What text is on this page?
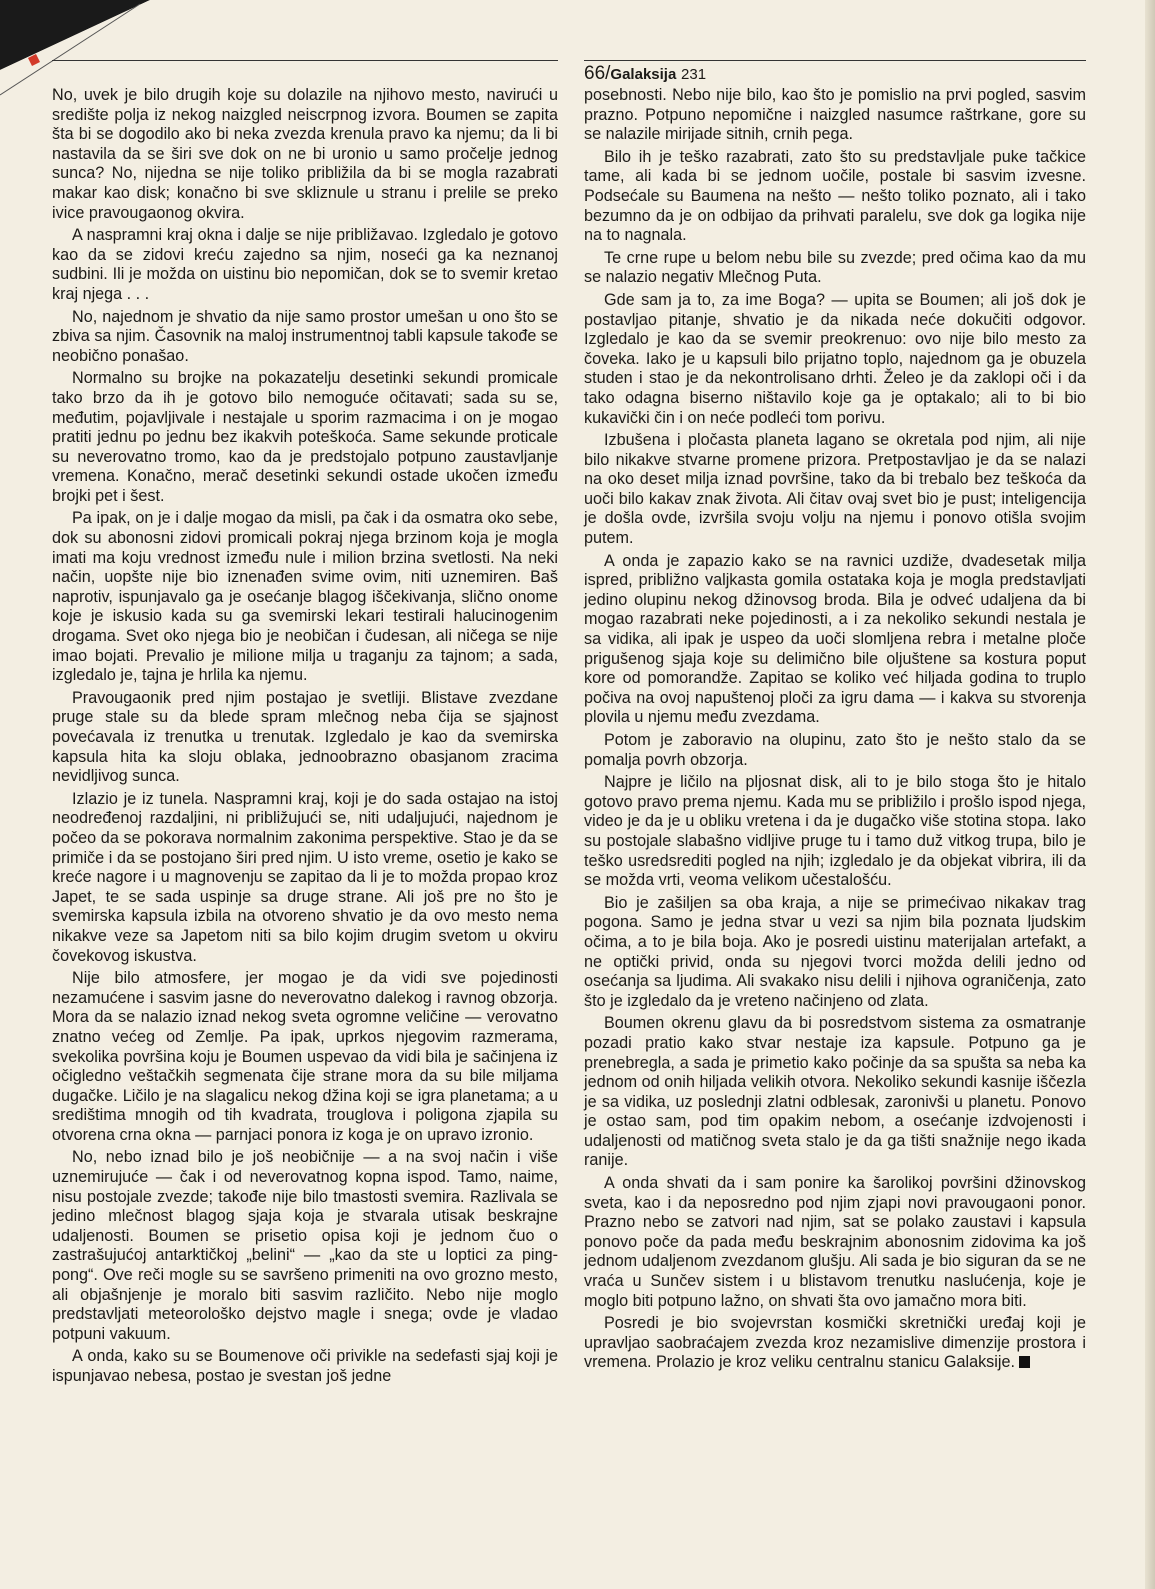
66/Galaksija 231

No, uvek je bilo drugih koje su dolazile na njihovo mesto, navirući u središte polja iz nekog naizgled neiscrpnog izvora. Boumen se zapita šta bi se dogodilo ako bi neka zvezda krenula pravo ka njemu; da li bi nastavila da se širi sve dok on ne bi uronio u samo pročelje jednog sunca? No, nijedna se nije toliko približila da bi se mogla razabrati makar kao disk; konačno bi sve skliznule u stranu i prelile se preko ivice pravougaonog okvira.

A naspramni kraj okna i dalje se nije približavao. Izgledalo je gotovo kao da se zidovi kreću zajedno sa njim, noseći ga ka neznanoj sudbini. Ili je možda on uistinu bio nepomičan, dok se to svemir kretao kraj njega . . .

No, najednom je shvatio da nije samo prostor umešan u ono što se zbiva sa njim. Časovnik na maloj instrumentnoj tabli kapsule takođe se neobično ponašao.

Normalno su brojke na pokazatelju desetinki sekundi promicale tako brzo da ih je gotovo bilo nemoguće očitavati; sada su se, međutim, pojavljivale i nestajale u sporim razmacima i on je mogao pratiti jednu po jednu bez ikakvih poteškoća. Same sekunde proticale su neverovatno tromo, kao da je predstojalo potpuno zaustavljanje vremena. Konačno, merač desetinki sekundi ostade ukočen između brojki pet i šest.

Pa ipak, on je i dalje mogao da misli, pa čak i da osmatra oko sebe, dok su abonosni zidovi promicali pokraj njega brzinom koja je mogla imati ma koju vrednost između nule i milion brzina svetlosti. Na neki način, uopšte nije bio iznenađen svime ovim, niti uznemiren. Baš naprotiv, ispunjavalo ga je osećanje blagog iščekivanja, slično onome koje je iskusio kada su ga svemirski lekari testirali halucinogenim drogama. Svet oko njega bio je neobičan i čudesan, ali ničega se nije imao bojati. Prevalio je milione milja u traganju za tajnom; a sada, izgledalo je, tajna je hrlila ka njemu.

Pravougaonik pred njim postajao je svetliji. Blistave zvezdane pruge stale su da blede spram mlečnog neba čija se sjajnost povećavala iz trenutka u trenutak. Izgledalo je kao da svemirska kapsula hita ka sloju oblaka, jednoobrazno obasjanom zracima nevidljivog sunca.

Izlazio je iz tunela. Naspramni kraj, koji je do sada ostajao na istoj neodređenoj razdaljini, ni približujući se, niti udaljujući, najednom je počeo da se pokorava normalnim zakonima perspektive. Stao je da se primiče i da se postojano širi pred njim. U isto vreme, osetio je kako se kreće nagore i u magnovenju se zapitao da li je to možda propao kroz Japet, te se sada uspinje sa druge strane. Ali još pre no što je svemirska kapsula izbila na otvoreno shvatio je da ovo mesto nema nikakve veze sa Japetom niti sa bilo kojim drugim svetom u okviru čovekovog iskustva.

Nije bilo atmosfere, jer mogao je da vidi sve pojedinosti nezamućene i sasvim jasne do neverovatno dalekog i ravnog obzorja. Mora da se nalazio iznad nekog sveta ogromne veličine — verovatno znatno većeg od Zemlje. Pa ipak, uprkos njegovim razmerama, svekolika površina koju je Boumen uspevao da vidi bila je sačinjena iz očigledno veštačkih segmenata čije strane mora da su bile miljama dugačke. Ličilo je na slagalicu nekog džina koji se igra planetama; a u središtima mnogih od tih kvadrata, trouglova i poligona zjapila su otvorena crna okna — parnjaci ponora iz koga je on upravo izronio.

No, nebo iznad bilo je još neobičnije — a na svoj način i više uznemirujuće — čak i od neverovatnog kopna ispod. Tamo, naime, nisu postojale zvezde; takođe nije bilo tmastosti svemira. Razlivala se jedino mlečnost blagog sjaja koja je stvarala utisak beskrajne udaljenosti. Boumen se prisetio opisa koji je jednom čuo o zastrašujućoj antarktičkoj „belini“ — „kao da ste u loptici za ping-pong“. Ove reči mogle su se savršeno primeniti na ovo grozno mesto, ali objašnjenje je moralo biti sasvim različito. Nebo nije moglo predstavljati meteorološko dejstvo magle i snega; ovde je vladao potpuni vakuum.

A onda, kako su se Boumenove oči privikle na sedefasti sjaj koji je ispunjavao nebesa, postao je svestan još jedne

posebnosti. Nebo nije bilo, kao što je pomislio na prvi pogled, sasvim prazno. Potpuno nepomične i naizgled nasumce raštrkane, gore su se nalazile mirijade sitnih, crnih pega.

Bilo ih je teško razabrati, zato što su predstavljale puke tačkice tame, ali kada bi se jednom uočile, postale bi sasvim izvesne. Podsećale su Baumena na nešto — nešto toliko poznato, ali i tako bezumno da je on odbijao da prihvati paralelu, sve dok ga logika nije na to nagnala.

Te crne rupe u belom nebu bile su zvezde; pred očima kao da mu se nalazio negativ Mlečnog Puta.

Gde sam ja to, za ime Boga? — upita se Boumen; ali još dok je postavljao pitanje, shvatio je da nikada neće dokučiti odgovor. Izgledalo je kao da se svemir preokrenuo: ovo nije bilo mesto za čoveka. Iako je u kapsuli bilo prijatno toplo, najednom ga je obuzela studen i stao je da nekontrolisano drhti. Želeo je da zaklopi oči i da tako odagna biserno ništavilo koje ga je optakalo; ali to bi bio kukavički čin i on neće podleći tom porivu.

Izbušena i pločasta planeta lagano se okretala pod njim, ali nije bilo nikakve stvarne promene prizora. Pretpostavljao je da se nalazi na oko deset milja iznad površine, tako da bi trebalo bez teškoća da uoči bilo kakav znak života. Ali čitav ovaj svet bio je pust; inteligencija je došla ovde, izvršila svoju volju na njemu i ponovo otišla svojim putem.

A onda je zapazio kako se na ravnici uzdiže, dvadesetak milja ispred, približno valjkasta gomila ostataka koja je mogla predstavljati jedino olupinu nekog džinovsog broda. Bila je odveć udaljena da bi mogao razabrati neke pojedinosti, a i za nekoliko sekundi nestala je sa vidika, ali ipak je uspeo da uoči slomljena rebra i metalne ploče prigušenog sjaja koje su delimično bile oljuštene sa kostura poput kore od pomorandže. Zapitao se koliko već hiljada godina to truplo počiva na ovoj napuštenoj ploči za igru dama — i kakva su stvorenja plovila u njemu među zvezdama.

Potom je zaboravio na olupinu, zato što je nešto stalo da se pomalja povrh obzorja.

Najpre je ličilo na pljosnat disk, ali to je bilo stoga što je hitalo gotovo pravo prema njemu. Kada mu se približilo i prošlo ispod njega, video je da je u obliku vretena i da je dugačko više stotina stopa. Iako su postojale slabašno vidljive pruge tu i tamo duž vitkog trupa, bilo je teško usredsrediti pogled na njih; izgledalo je da objekat vibrira, ili da se možda vrti, veoma velikom učestalošću.

Bio je zašiljen sa oba kraja, a nije se primećivao nikakav trag pogona. Samo je jedna stvar u vezi sa njim bila poznata ljudskim očima, a to je bila boja. Ako je posredi uistinu materijalan artefakt, a ne optički privid, onda su njegovi tvorci možda delili jedno od osećanja sa ljudima. Ali svakako nisu delili i njihova ograničenja, zato što je izgledalo da je vreteno načinjeno od zlata.

Boumen okrenu glavu da bi posredstvom sistema za osmatranje pozadi pratio kako stvar nestaje iza kapsule. Potpuno ga je prenebregla, a sada je primetio kako počinje da sa spušta sa neba ka jednom od onih hiljada velikih otvora. Nekoliko sekundi kasnije iščezla je sa vidika, uz poslednji zlatni odblesak, zaronivši u planetu. Ponovo je ostao sam, pod tim opakim nebom, a osećanje izdvojenosti i udaljenosti od matičnog sveta stalo je da ga tišti snažnije nego ikada ranije.

A onda shvati da i sam ponire ka šarolikoj površini džinovskog sveta, kao i da neposredno pod njim zjapi novi pravougaoni ponor. Prazno nebo se zatvori nad njim, sat se polako zaustavi i kapsula ponovo poče da pada među beskrajnim abonosnim zidovima ka još jednom udaljenom zvezdanom glušju. Ali sada je bio siguran da se ne vraća u Sunčev sistem i u blistavom trenutku naslućenja, koje je moglo biti potpuno lažno, on shvati šta ovo jamačno mora biti.

Posredi je bio svojevrstan kosmički skretnički uređaj koji je upravljao saobraćajem zvezda kroz nezamislive dimenzije prostora i vremena. Prolazio je kroz veliku centralnu stanicu Galaksije.
